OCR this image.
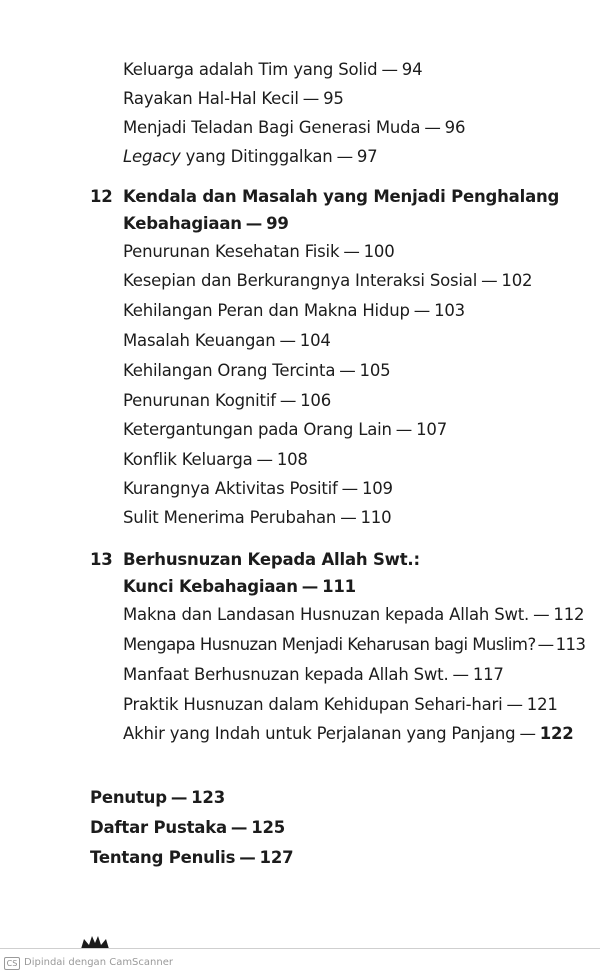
Keluarga adalah Tim yang Solid — 94
Rayakan Hal-Hal Kecil — 95
Menjadi Teladan Bagi Generasi Muda — 96
Legacy yang Ditinggalkan — 97
12 Kendala dan Masalah yang Menjadi Penghalang
Kebahagiaan — 99
Penurunan Kesehatan Fisik — 100
Kesepian dan Berkurangnya Interaksi Sosial — 102
Kehilangan Peran dan Makna Hidup — 103
Masalah Keuangan — 104
Kehilangan Orang Tercinta — 105
Penurunan Kognitif — 106
Ketergantungan pada Orang Lain — 107
Konflik Keluarga — 108
Kurangnya Aktivitas Positif — 109
Sulit Menerima Perubahan — 110
13 Berhusnuzan Kepada Allah Swt.:
Kunci Kebahagiaan — 111
Makna dan Landasan Husnuzan kepada Allah Swt. — 112
Mengapa Husnuzan Menjadi Keharusan bagi Muslim? — 113
Manfaat Berhusnuzan kepada Allah Swt. — 117
Praktik Husnuzan dalam Kehidupan Sehari-hari — 121
Akhir yang Indah untuk Perjalanan yang Panjang — 122
Penutup — 123
Daftar Pustaka — 125
Tentang Penulis — 127
CS Dipindai dengan CamScanner
